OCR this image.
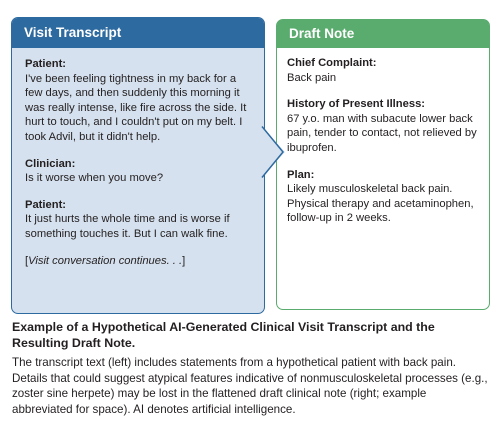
Visit Transcript
Patient:
I've been feeling tightness in my back for a few days, and then suddenly this morning it was really intense, like fire across the side. It hurt to touch, and I couldn't put on my belt. I took Advil, but it didn't help.
Clinician:
Is it worse when you move?
Patient:
It just hurts the whole time and is worse if something touches it. But I can walk fine.
[Visit conversation continues. . .]
Draft Note
Chief Complaint:
Back pain
History of Present Illness:
67 y.o. man with subacute lower back pain, tender to contact, not relieved by ibuprofen.
Plan:
Likely musculoskeletal back pain. Physical therapy and acetaminophen, follow-up in 2 weeks.
Example of a Hypothetical AI-Generated Clinical Visit Transcript and the Resulting Draft Note.
The transcript text (left) includes statements from a hypothetical patient with back pain. Details that could suggest atypical features indicative of nonmusculoskeletal processes (e.g., zoster sine herpete) may be lost in the flattened draft clinical note (right; example abbreviated for space). AI denotes artificial intelligence.
